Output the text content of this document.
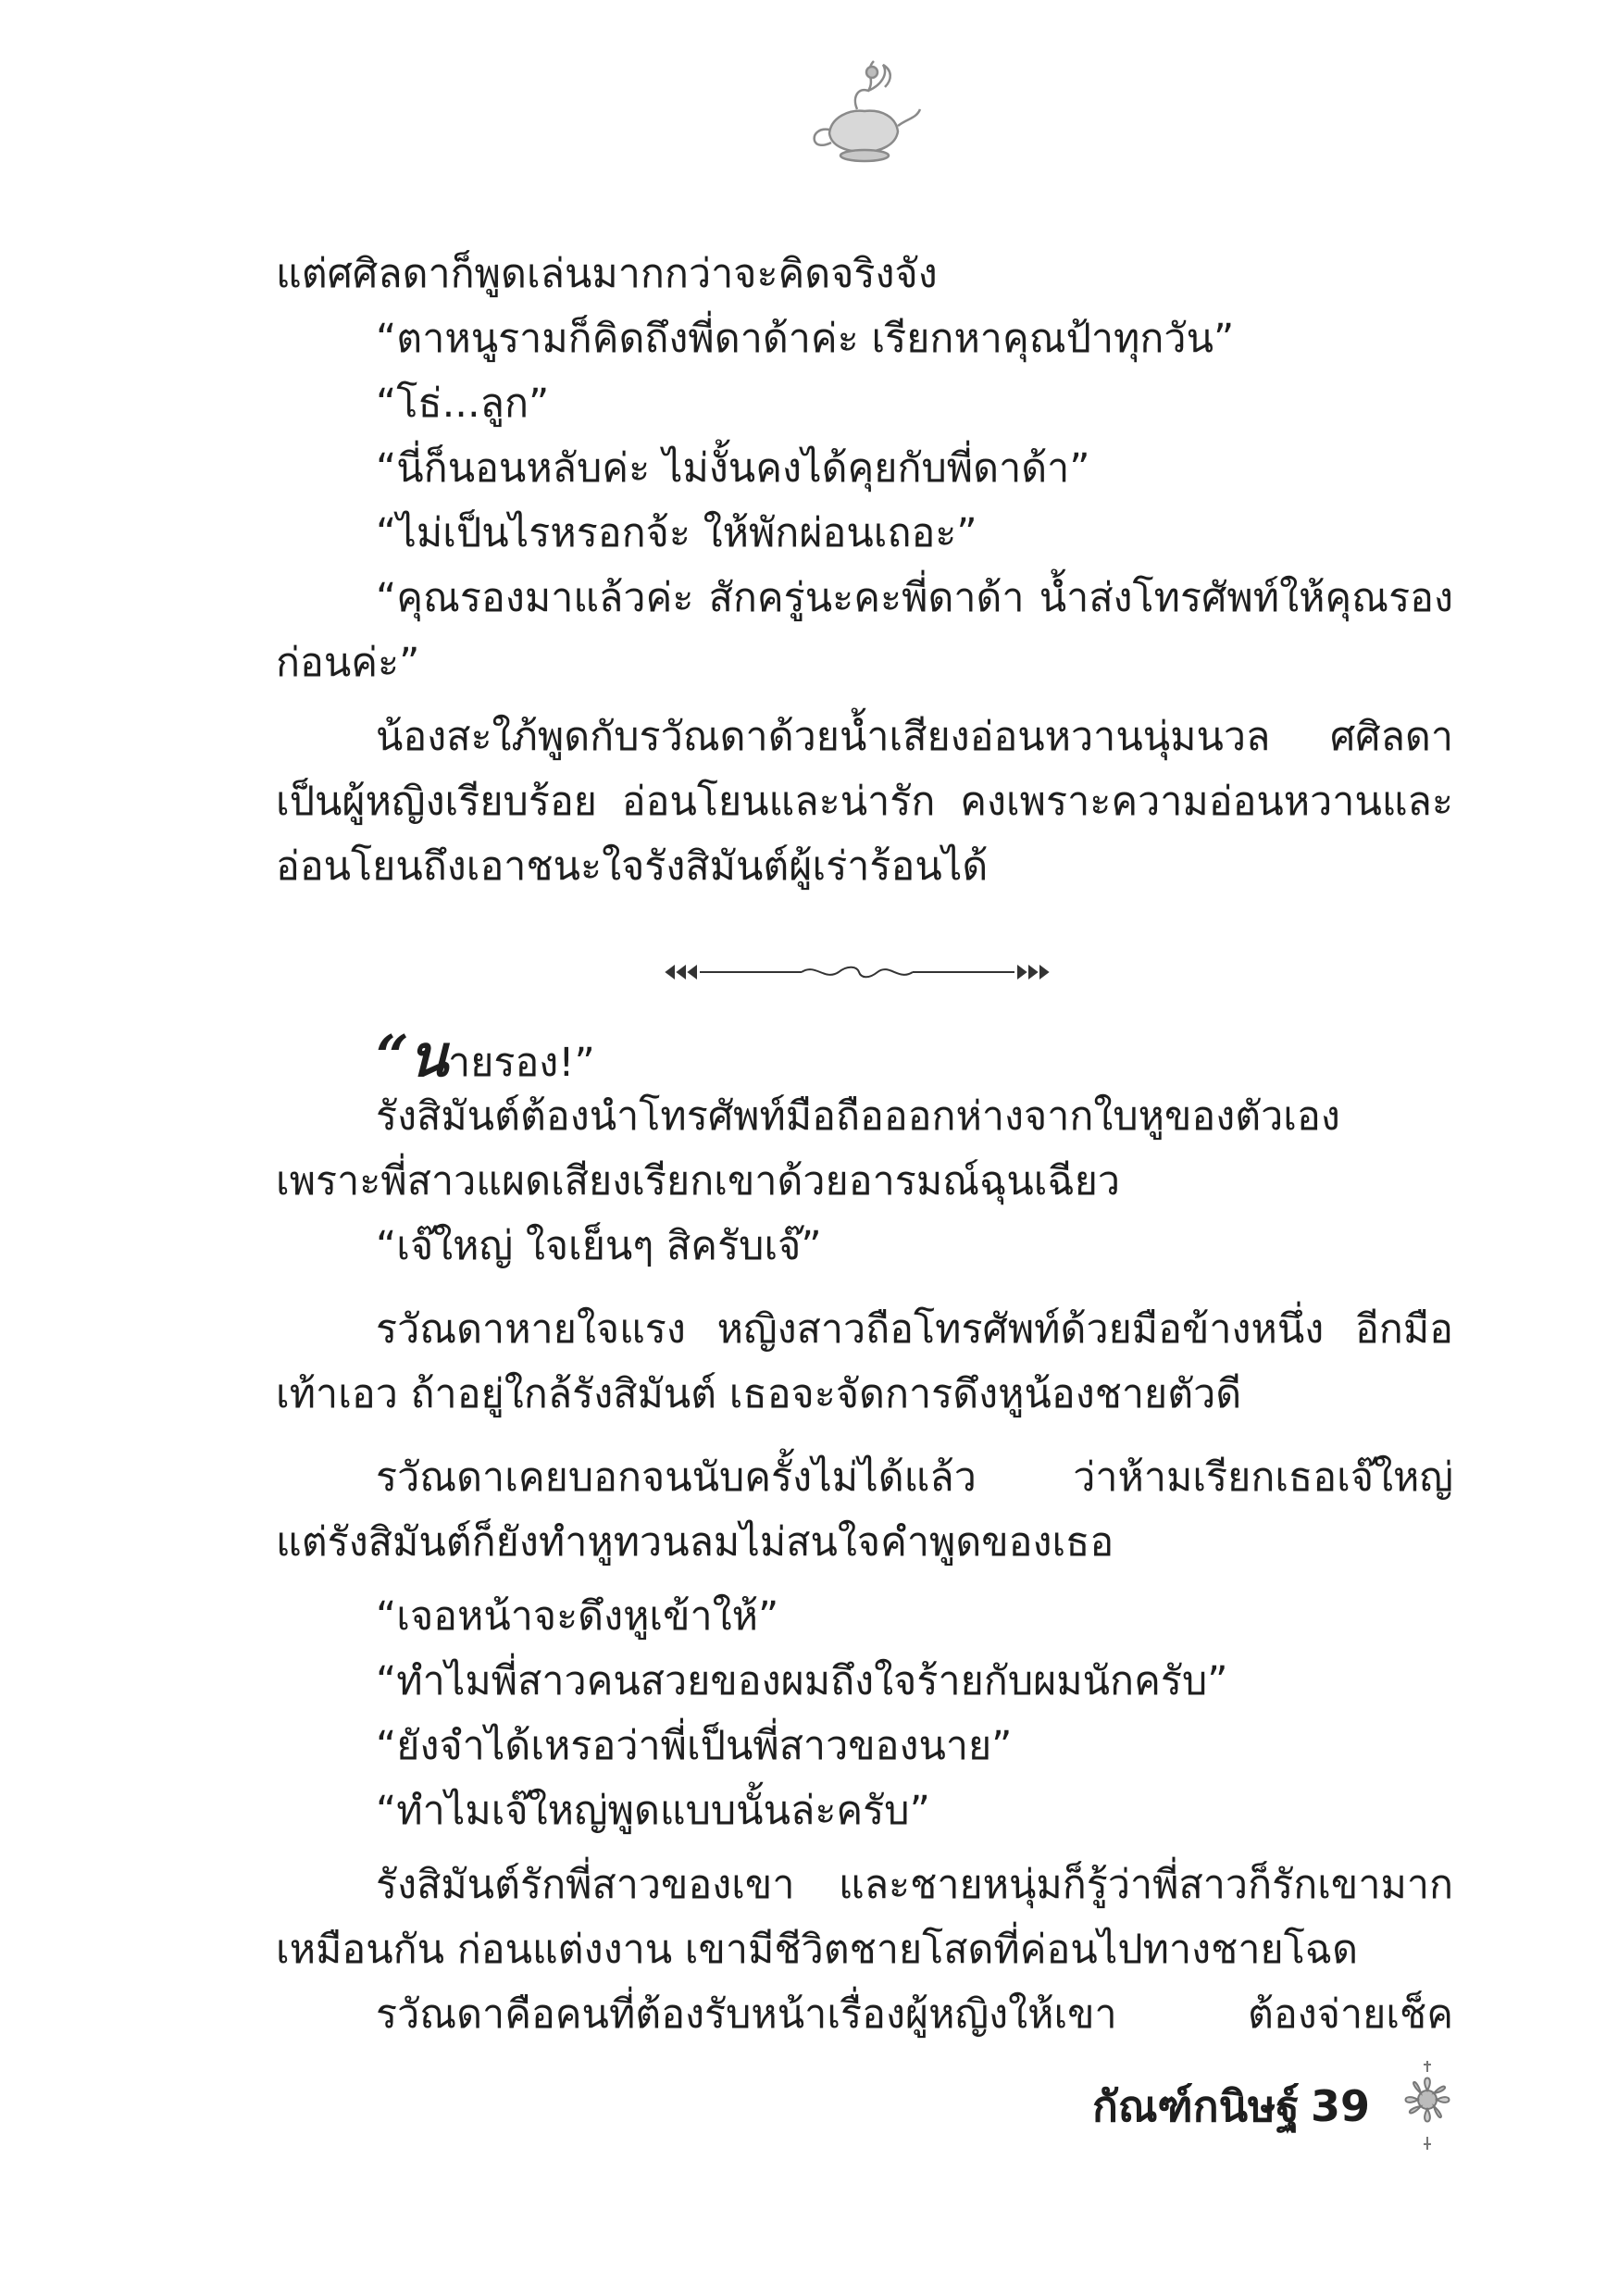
แต่ศศิลดาก็พูดเล่นมากกว่าจะคิดจริงจัง
“ตาหนูรามก็คิดถึงพี่ดาด้าค่ะ เรียกหาคุณป้าทุกวัน”
“โธ่...ลูก”
“นี่ก็นอนหลับค่ะ ไม่งั้นคงได้คุยกับพี่ดาด้า”
“ไม่เป็นไรหรอกจ้ะ ให้พักผ่อนเถอะ”
“คุณรองมาแล้วค่ะ สักครู่นะคะพี่ดาด้า น้ำส่งโทรศัพท์ให้คุณรอง
ก่อนค่ะ”
น้องสะใภ้พูดกับรวัณดาด้วยน้ำเสียงอ่อนหวานนุ่มนวล ศศิลดา
เป็นผู้หญิงเรียบร้อย อ่อนโยนและน่ารัก คงเพราะความอ่อนหวานและ
อ่อนโยนถึงเอาชนะใจรังสิมันต์ผู้เร่าร้อนได้
“นายรอง!”
รังสิมันต์ต้องนำโทรศัพท์มือถือออกห่างจากใบหูของตัวเอง
เพราะพี่สาวแผดเสียงเรียกเขาด้วยอารมณ์ฉุนเฉียว
“เจ๊ใหญ่ ใจเย็นๆ สิครับเจ๊”
รวัณดาหายใจแรง หญิงสาวถือโทรศัพท์ด้วยมือข้างหนึ่ง อีกมือ
เท้าเอว ถ้าอยู่ใกล้รังสิมันต์ เธอจะจัดการดึงหูน้องชายตัวดี
รวัณดาเคยบอกจนนับครั้งไม่ได้แล้ว ว่าห้ามเรียกเธอเจ๊ใหญ่
แต่รังสิมันต์ก็ยังทำหูทวนลมไม่สนใจคำพูดของเธอ
“เจอหน้าจะดึงหูเข้าให้”
“ทำไมพี่สาวคนสวยของผมถึงใจร้ายกับผมนักครับ”
“ยังจำได้เหรอว่าพี่เป็นพี่สาวของนาย”
“ทำไมเจ๊ใหญ่พูดแบบนั้นล่ะครับ”
รังสิมันต์รักพี่สาวของเขา และชายหนุ่มก็รู้ว่าพี่สาวก็รักเขามาก
เหมือนกัน ก่อนแต่งงาน เขามีชีวิตชายโสดที่ค่อนไปทางชายโฉด
รวัณดาคือคนที่ต้องรับหน้าเรื่องผู้หญิงให้เขา ต้องจ่ายเช็ค
กัณฑ์กนิษฐ์ 39
